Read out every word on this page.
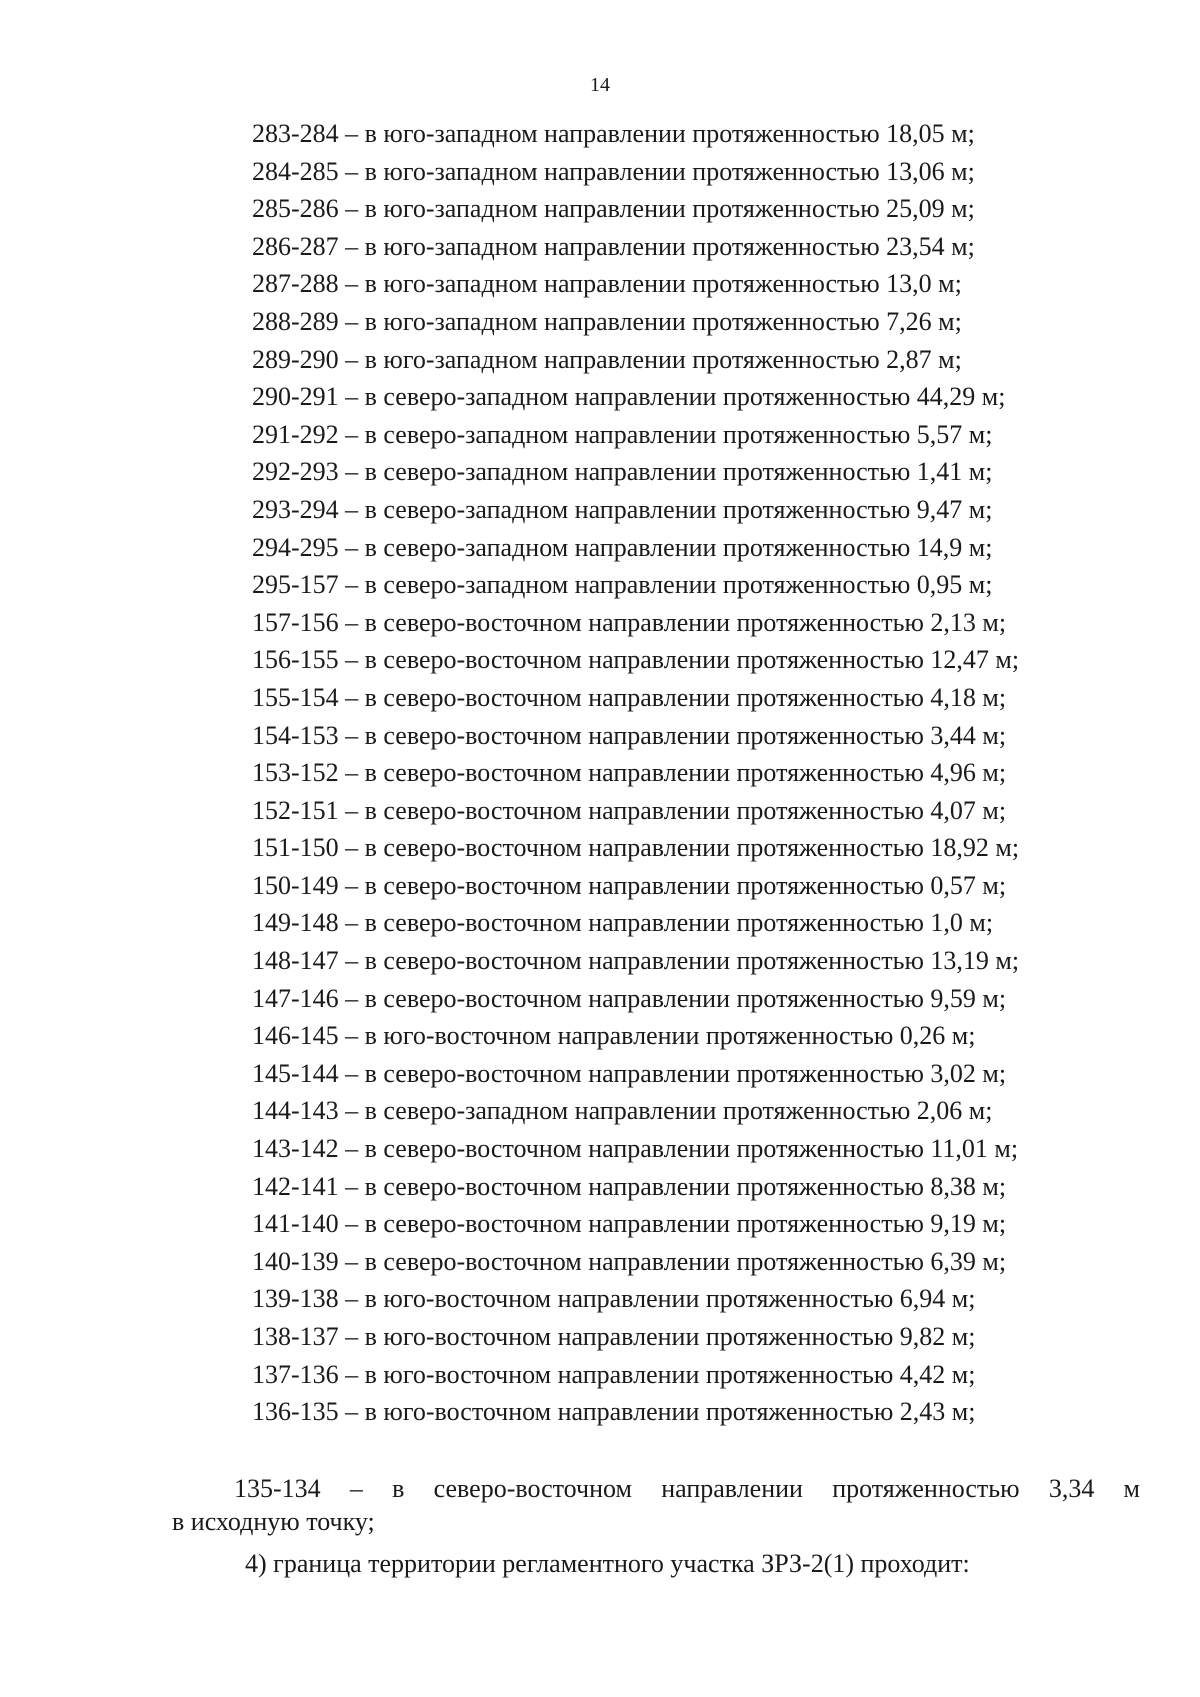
14
283-284 – в юго-западном направлении протяженностью 18,05 м;
284-285 – в юго-западном направлении протяженностью 13,06 м;
285-286 – в юго-западном направлении протяженностью 25,09 м;
286-287 – в юго-западном направлении протяженностью 23,54 м;
287-288 – в юго-западном направлении протяженностью 13,0 м;
288-289 – в юго-западном направлении протяженностью 7,26 м;
289-290 – в юго-западном направлении протяженностью 2,87 м;
290-291 – в северо-западном направлении протяженностью 44,29 м;
291-292 – в северо-западном направлении протяженностью 5,57 м;
292-293 – в северо-западном направлении протяженностью 1,41 м;
293-294 – в северо-западном направлении протяженностью 9,47 м;
294-295 – в северо-западном направлении протяженностью 14,9 м;
295-157 – в северо-западном направлении протяженностью 0,95 м;
157-156 – в северо-восточном направлении протяженностью 2,13 м;
156-155 – в северо-восточном направлении протяженностью 12,47 м;
155-154 – в северо-восточном направлении протяженностью 4,18 м;
154-153 – в северо-восточном направлении протяженностью 3,44 м;
153-152 – в северо-восточном направлении протяженностью 4,96 м;
152-151 – в северо-восточном направлении протяженностью 4,07 м;
151-150 – в северо-восточном направлении протяженностью 18,92 м;
150-149 – в северо-восточном направлении протяженностью 0,57 м;
149-148 – в северо-восточном направлении протяженностью 1,0 м;
148-147 – в северо-восточном направлении протяженностью 13,19 м;
147-146 – в северо-восточном направлении протяженностью 9,59 м;
146-145 – в юго-восточном направлении протяженностью 0,26 м;
145-144 – в северо-восточном направлении протяженностью 3,02 м;
144-143 – в северо-западном направлении протяженностью 2,06 м;
143-142 – в северо-восточном направлении протяженностью 11,01 м;
142-141 – в северо-восточном направлении протяженностью 8,38 м;
141-140 – в северо-восточном направлении протяженностью 9,19 м;
140-139 – в северо-восточном направлении протяженностью 6,39 м;
139-138 – в юго-восточном направлении протяженностью 6,94 м;
138-137 – в юго-восточном направлении протяженностью 9,82 м;
137-136 – в юго-восточном направлении протяженностью 4,42 м;
136-135 – в юго-восточном направлении протяженностью 2,43 м;
135-134 – в северо-восточном направлении протяженностью 3,34 м
в исходную точку;
4) граница территории регламентного участка ЗРЗ-2(1) проходит:
